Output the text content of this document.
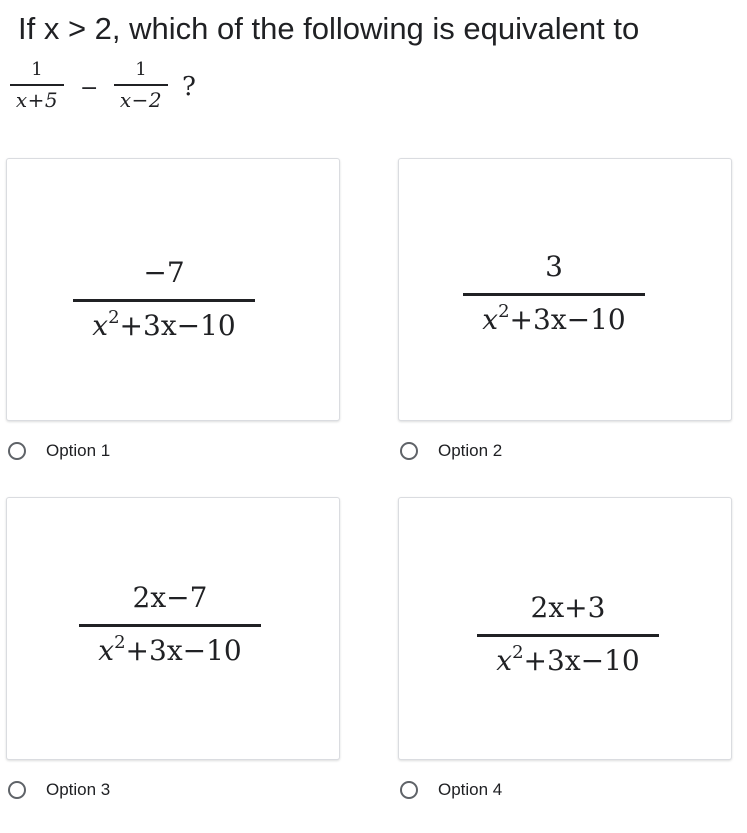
If x > 2, which of the following is equivalent to
1
x+5 −
1
x−2 ?
−7
$x^2+3x-10$
Option 1
3
$x^2+3x-10$
Option 2
2x−7
$x^2+3x-10$
Option 3
2x+3
$x^2+3x-10$
Option 4
